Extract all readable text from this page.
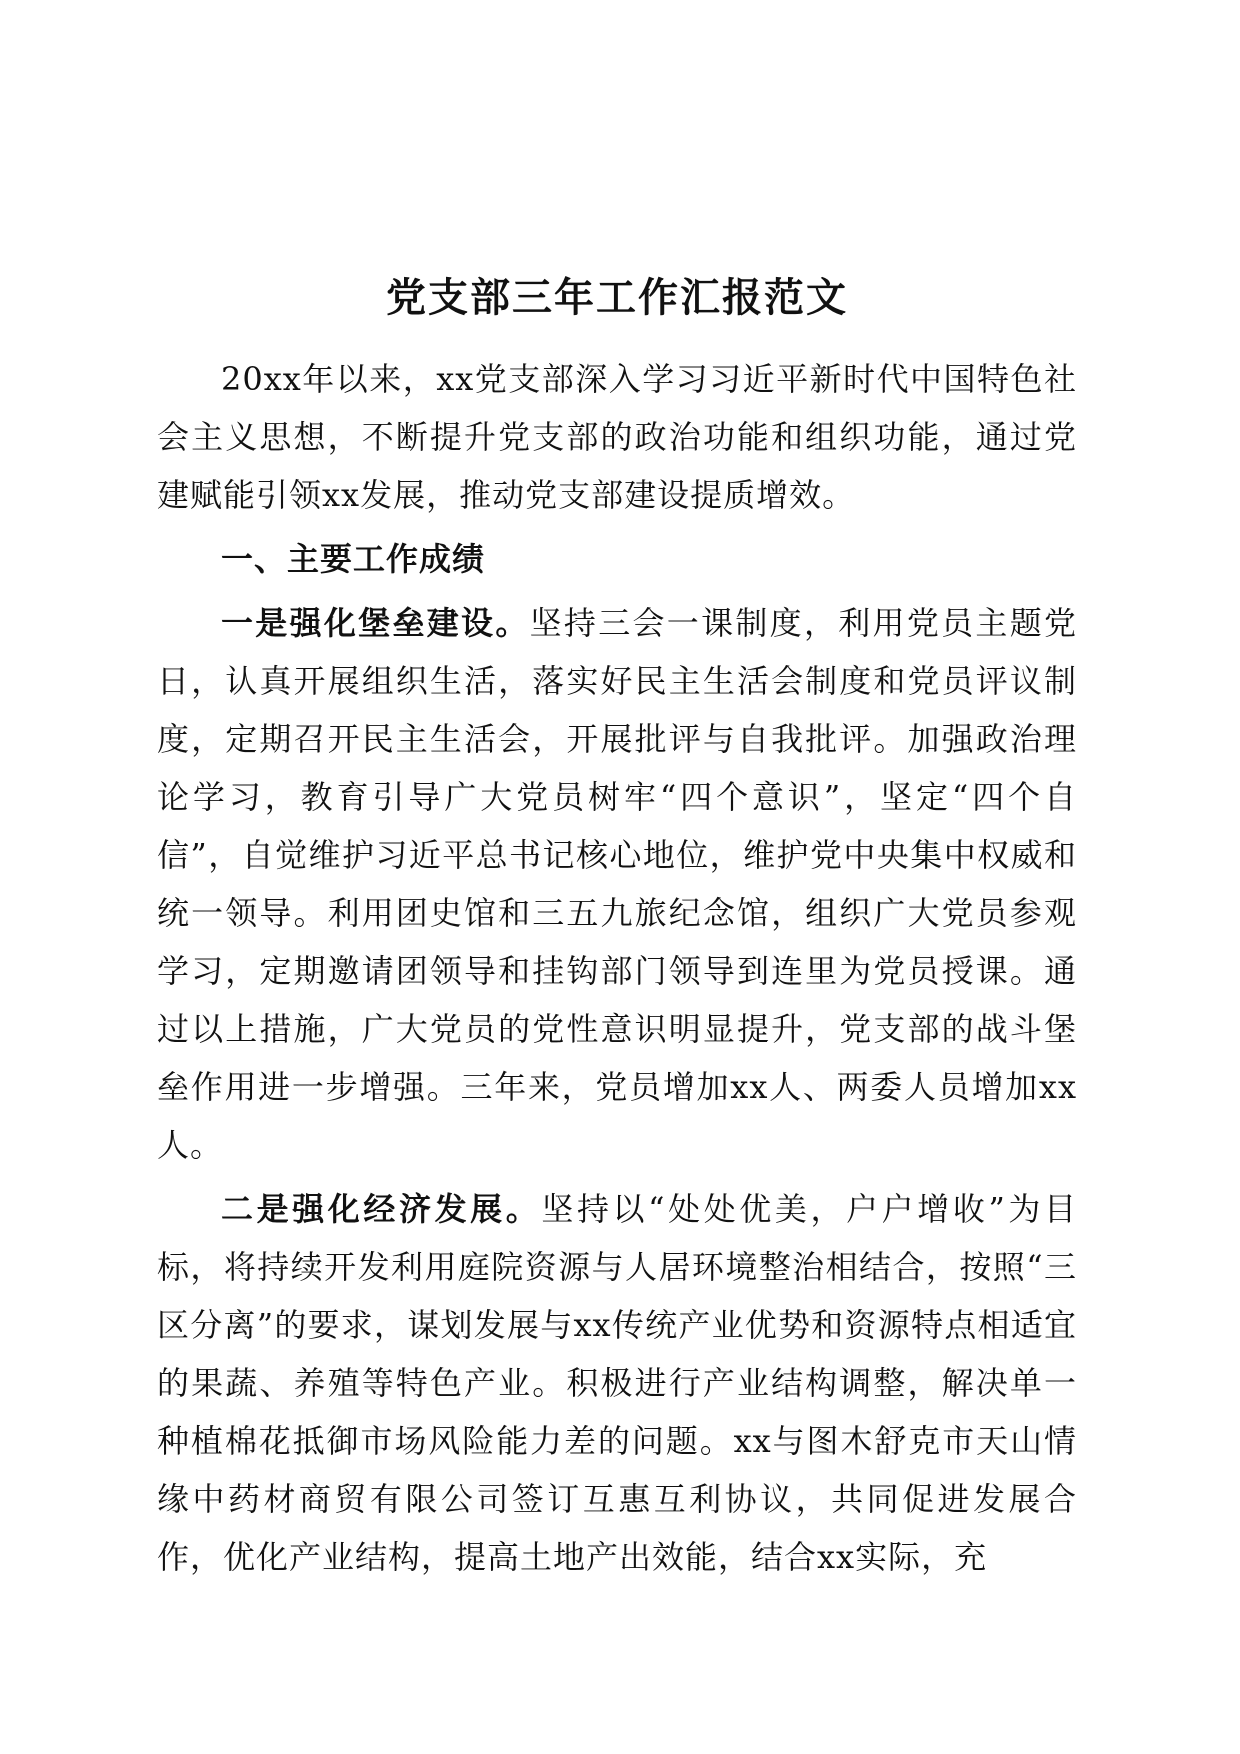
党支部三年工作汇报范文

20xx年以来，xx党支部深入学习习近平新时代中国特色社会主义思想，不断提升党支部的政治功能和组织功能，通过党建赋能引领xx发展，推动党支部建设提质增效。

一、主要工作成绩

一是强化堡垒建设。坚持三会一课制度，利用党员主题党日，认真开展组织生活，落实好民主生活会制度和党员评议制度，定期召开民主生活会，开展批评与自我批评。加强政治理论学习，教育引导广大党员树牢“四个意识”，坚定“四个自信”，自觉维护习近平总书记核心地位，维护党中央集中权威和统一领导。利用团史馆和三五九旅纪念馆，组织广大党员参观学习，定期邀请团领导和挂钩部门领导到连里为党员授课。通过以上措施，广大党员的党性意识明显提升，党支部的战斗堡垒作用进一步增强。三年来，党员增加xx人、两委人员增加xx人。

二是强化经济发展。坚持以“处处优美，户户增收”为目标，将持续开发利用庭院资源与人居环境整治相结合，按照“三区分离”的要求，谋划发展与xx传统产业优势和资源特点相适宜的果蔬、养殖等特色产业。积极进行产业结构调整，解决单一种植棉花抵御市场风险能力差的问题。xx与图木舒克市天山情缘中药材商贸有限公司签订互惠互利协议，共同促进发展合作，优化产业结构，提高土地产出效能，结合xx实际，充
